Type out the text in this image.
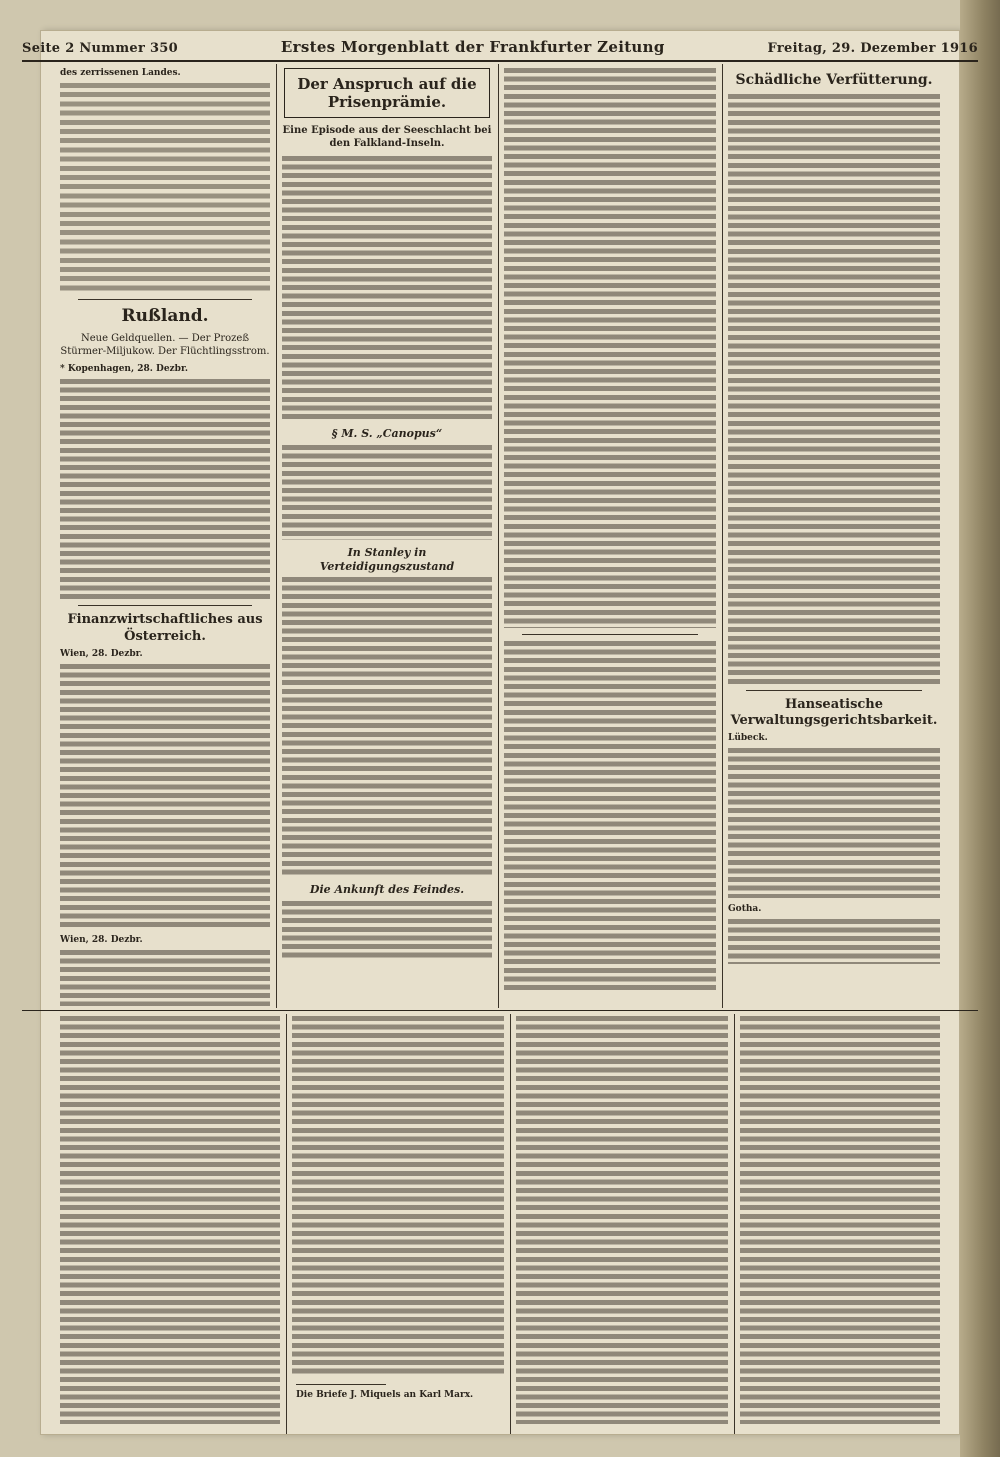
Seite 2 Nummer 350	Erstes Morgenblatt der Frankfurter Zeitung	Freitag, 29. Dezember 1916

des zerrissenen Landes.

Rußland.
Neue Geldquellen. — Der Prozeß Stürmer-Miljukow. Der Flüchtlingsstrom.

* Kopenhagen, 28. Dezbr.

Finanzwirtschaftliches aus Österreich.

Wien, 28. Dezbr.

Wien, 28. Dezbr.

Der Anspruch auf die Prisenprämie.
Eine Episode aus der Seeschlacht bei den Falkland-Inseln.
§ M. S. „Canopus“
In Stanley in Verteidigungszustand
Die Ankunft des Feindes.
Schädliche Verfütterung.
Hanseatische Verwaltungsgerichtsbarkeit.

Lübeck.

Gotha.

Die Briefe J. Miquels an Karl Marx.
